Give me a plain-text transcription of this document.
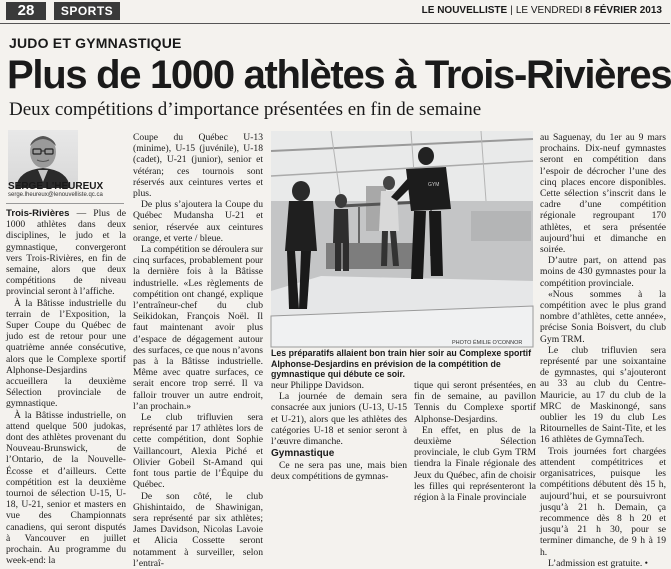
28	SPORTS	LE NOUVELLISTE | LE VENDREDI 8 FÉVRIER 2013
JUDO ET GYMNASTIQUE
Plus de 1000 athlètes à Trois-Rivières
Deux compétitions d’importance présentées en fin de semaine
SERGE L'HEUREUX
serge.lheureux@lenouvelliste.qc.ca

Trois-Rivières — Plus de 1000 athlètes dans deux disciplines, le judo et la gymnastique, convergeront vers Trois-Rivières, en fin de semaine, alors que deux compétitions de niveau provincial seront à l’affiche.

À la Bâtisse industrielle du terrain de l’Exposition, la Super Coupe du Québec de judo est de retour pour une quatrième année consécutive, alors que le Complexe sportif Alphonse-Desjardins accueillera la deuxième Sélection provinciale de gymnastique.

À la Bâtisse industrielle, on attend quelque 500 judokas, dont des athlètes provenant du Nouveau-Brunswick, de l’Ontario, de la Nouvelle-Écosse et d’ailleurs. Cette compétition est la deuxième tournoi de sélection U-15, U-18, U-21, senior et masters en vue des Championnats canadiens, qui seront disputés à Vancouver en juillet prochain. Au programme du week-end: la

Coupe du Québec U-13 (minime), U-15 (juvénile), U-18 (cadet), U-21 (junior), senior et vétéran; ces tournois sont réservés aux ceintures vertes et plus.

De plus s’ajoutera la Coupe du Québec Mudansha U-21 et senior, réservée aux ceintures orange, et verte / bleue.

La compétition se déroulera sur cinq surfaces, probablement pour la dernière fois à la Bâtisse industrielle. «Les règlements de compétition ont changé, explique l’entraîneur-chef du club Seikidokan, François Noël. Il faut maintenant avoir plus d’espace de dégagement autour des surfaces, ce que nous n’avons pas à la Bâtisse industrielle. Même avec quatre surfaces, ce serait encore trop serré. Il va falloir trouver un autre endroit, l’an prochain.»

Le club trifluvien sera représenté par 17 athlètes lors de cette compétition, dont Sophie Vaillancourt, Alexia Piché et Olivier Gobeil St-Amand qui font tous partie de l’Équipe du Québec.

De son côté, le club Ghishintaido, de Shawinigan, sera représenté par six athlètes; James Davidson, Nicolas Lavoie et Alicia Cossette seront notamment à surveiller, selon l’entraî-

GYM
PHOTO ÉMILIE O'CONNOR
Les préparatifs allaient bon train hier soir au Complexe sportif Alphonse-Desjardins en prévision de la compétition de gymnastique qui débute ce soir.

neur Philippe Davidson.

La journée de demain sera consacrée aux juniors (U-13, U-15 et U-21), alors que les athlètes des catégories U-18 et senior seront à l’œuvre dimanche.

Gymnastique

Ce ne sera pas une, mais bien deux compétitions de gymnas-

tique qui seront présentées, en fin de semaine, au pavillon Tennis du Complexe sportif Alphonse-Desjardins.

En effet, en plus de la deuxième Sélection provinciale, le club Gym TRM tiendra la Finale régionale des Jeux du Québec, afin de choisir les filles qui représenteront la région à la Finale provinciale

au Saguenay, du 1er au 9 mars prochains. Dix-neuf gymnastes seront en compétition dans l’espoir de décrocher l’une des cinq places encore disponibles. Cette sélection s’inscrit dans le cadre d’une compétition régionale regroupant 170 athlètes, et sera présentée aujourd’hui et dimanche en soirée.

D’autre part, on attend pas moins de 430 gymnastes pour la compétition provinciale.

«Nous sommes à la compétition avec le plus grand nombre d’athlètes, cette année», précise Sonia Boisvert, du club Gym TRM.

Le club trifluvien sera représenté par une soixantaine de gymnastes, qui s’ajouteront au 33 au club du Centre-Mauricie, au 17 du club de la MRC de Maskinongé, sans oublier les 19 du club Les Ritournelles de Saint-Tite, et les 16 athlètes de GymnaTech.

Trois journées fort chargées attendent compétitrices et organisatrices, puisque les compétitions débutent dès 15 h, aujourd’hui, et se poursuivront jusqu’à 21 h. Demain, ça recommence dès 8 h 20 et jusqu’à 21 h 30, pour se terminer dimanche, de 9 h à 19 h.

L’admission est gratuite. •
